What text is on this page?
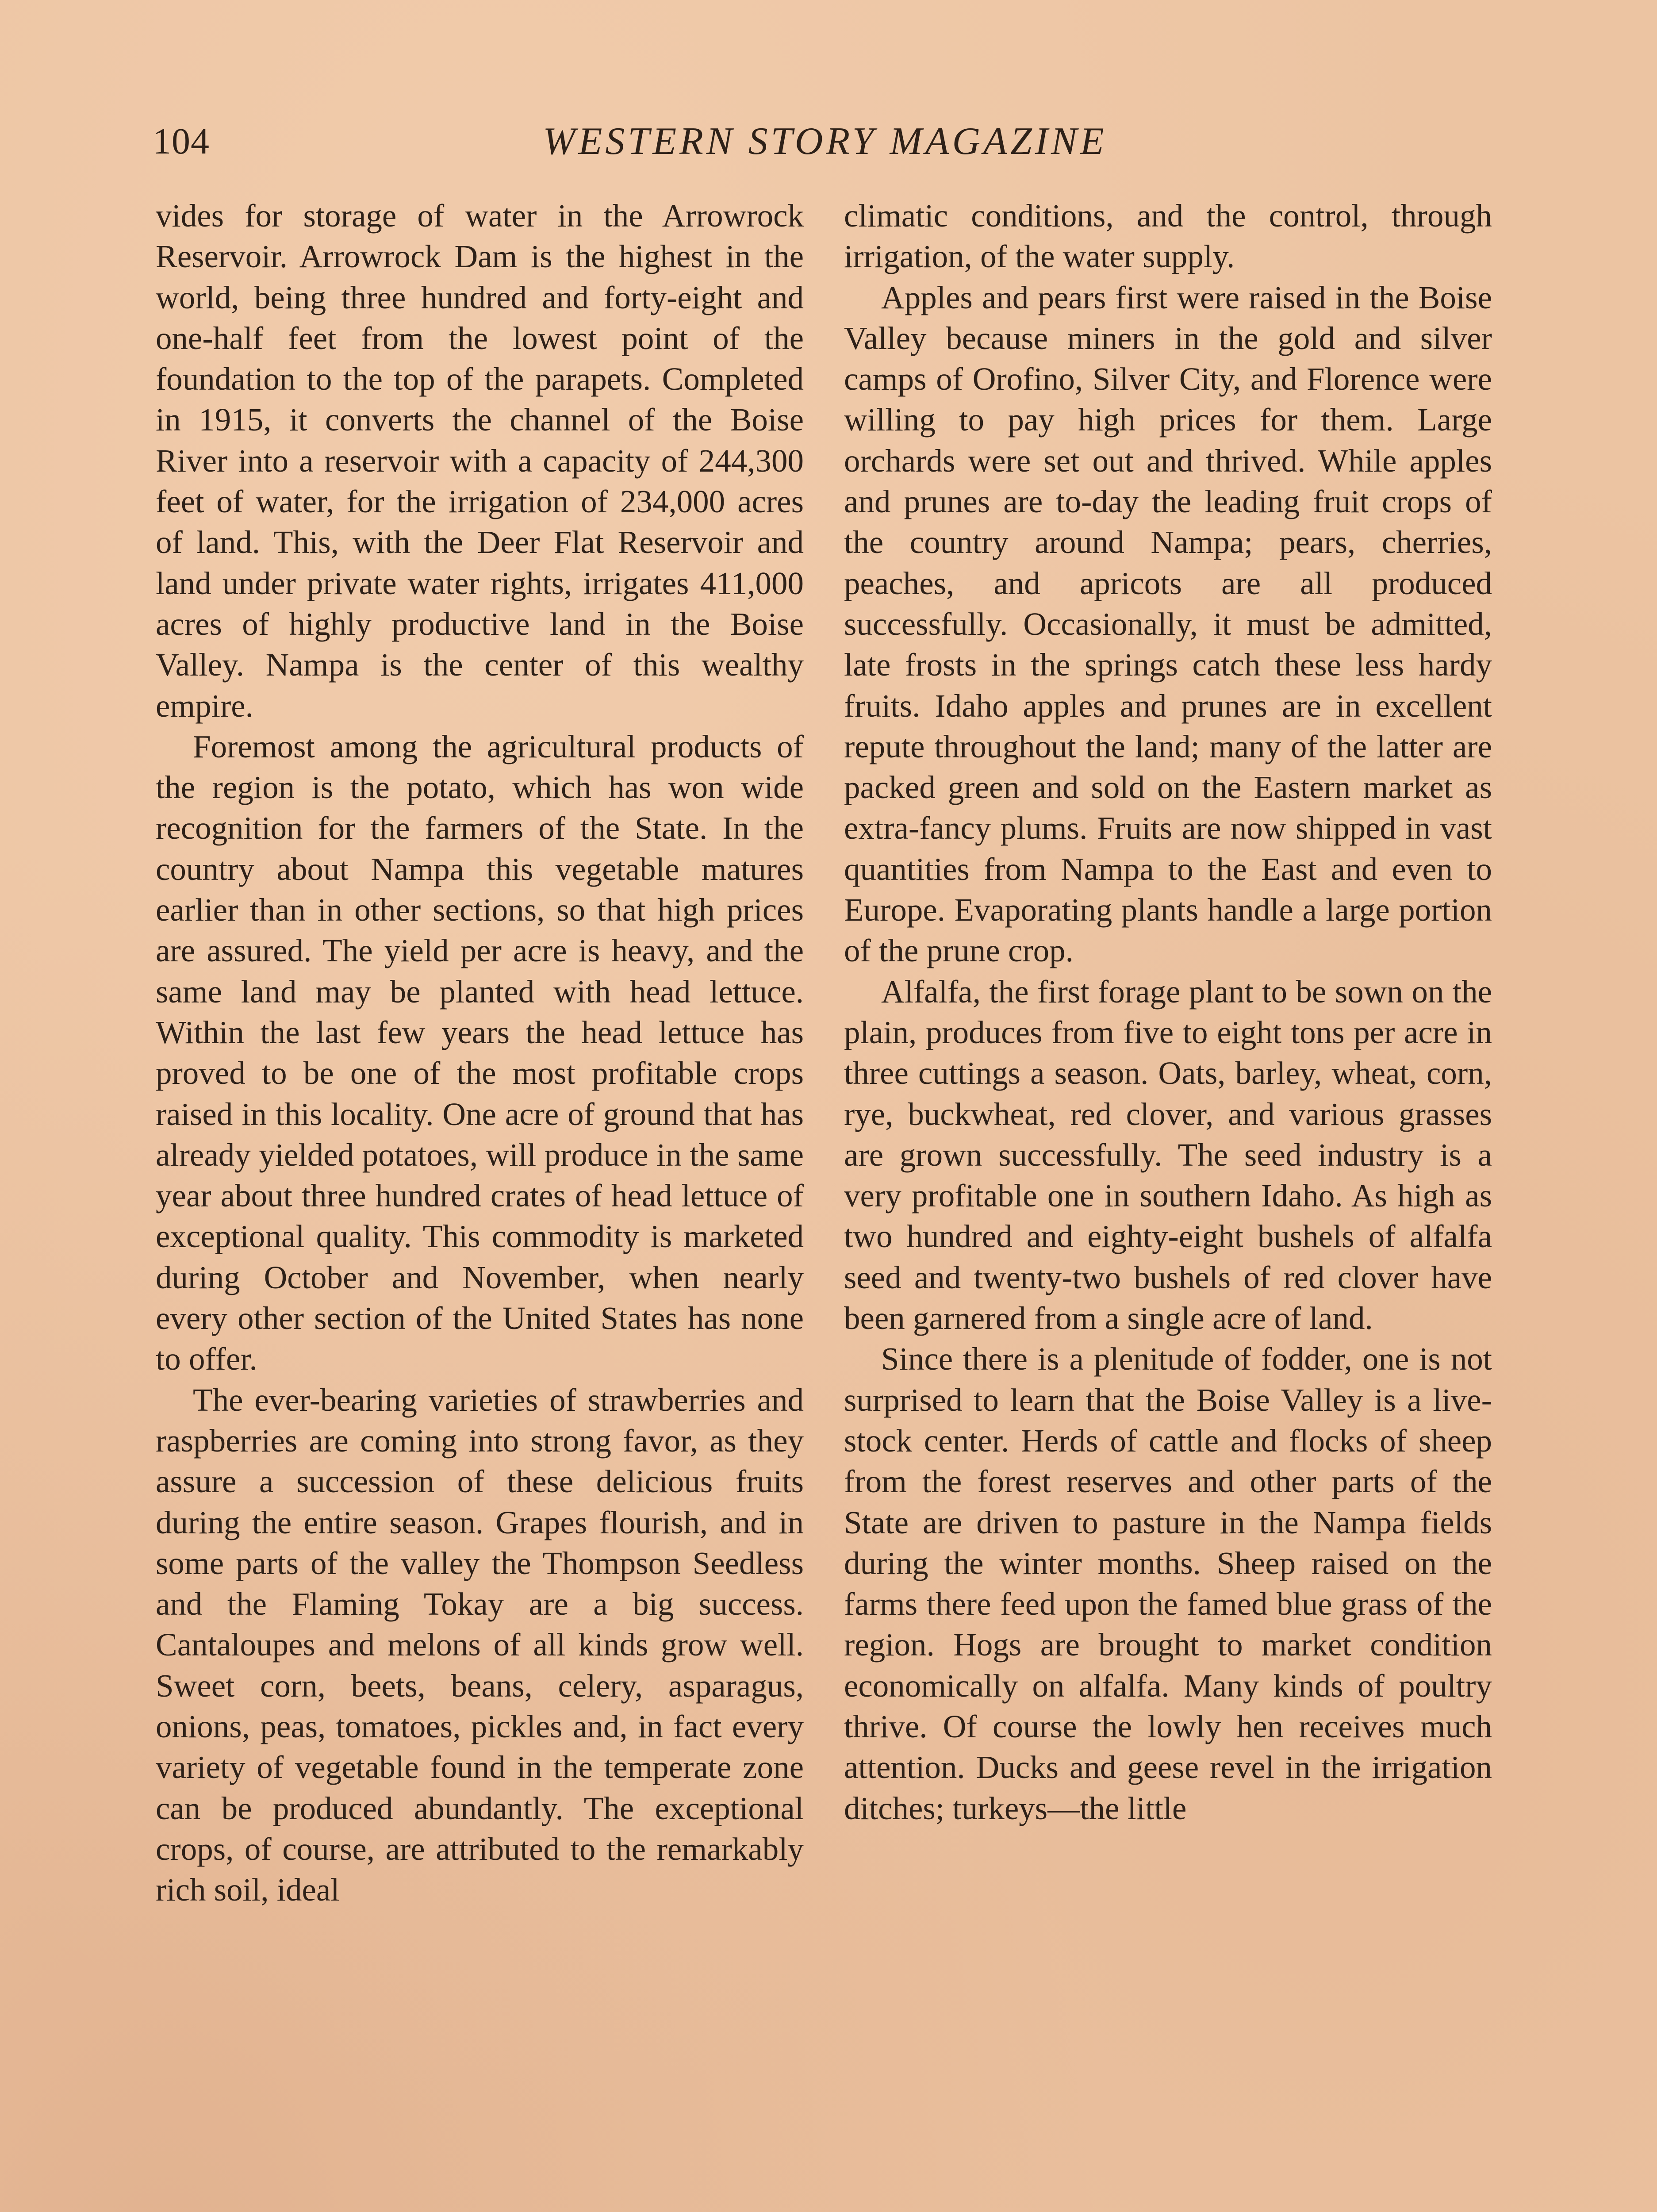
104	WESTERN STORY MAGAZINE

vides for storage of water in the Arrowrock Reservoir. Arrowrock Dam is the highest in the world, being three hundred and forty-eight and one-half feet from the lowest point of the foundation to the top of the parapets. Completed in 1915, it converts the channel of the Boise River into a reservoir with a capacity of 244,300 feet of water, for the irrigation of 234,000 acres of land. This, with the Deer Flat Reservoir and land under private water rights, irrigates 411,000 acres of highly productive land in the Boise Valley. Nampa is the center of this wealthy empire.

Foremost among the agricultural products of the region is the potato, which has won wide recognition for the farmers of the State. In the country about Nampa this vegetable matures earlier than in other sections, so that high prices are assured. The yield per acre is heavy, and the same land may be planted with head lettuce. Within the last few years the head lettuce has proved to be one of the most profitable crops raised in this locality. One acre of ground that has already yielded potatoes, will produce in the same year about three hundred crates of head lettuce of exceptional quality. This commodity is marketed during October and November, when nearly every other section of the United States has none to offer.

The ever-bearing varieties of strawberries and raspberries are coming into strong favor, as they assure a succession of these delicious fruits during the entire season. Grapes flourish, and in some parts of the valley the Thompson Seedless and the Flaming Tokay are a big success. Cantaloupes and melons of all kinds grow well. Sweet corn, beets, beans, celery, asparagus, onions, peas, tomatoes, pickles and, in fact every variety of vegetable found in the temperate zone can be produced abundantly. The exceptional crops, of course, are attributed to the remarkably rich soil, ideal

climatic conditions, and the control, through irrigation, of the water supply.

Apples and pears first were raised in the Boise Valley because miners in the gold and silver camps of Orofino, Silver City, and Florence were willing to pay high prices for them. Large orchards were set out and thrived. While apples and prunes are to-day the leading fruit crops of the country around Nampa; pears, cherries, peaches, and apricots are all produced successfully. Occasionally, it must be admitted, late frosts in the springs catch these less hardy fruits. Idaho apples and prunes are in excellent repute throughout the land; many of the latter are packed green and sold on the Eastern market as extra-fancy plums. Fruits are now shipped in vast quantities from Nampa to the East and even to Europe. Evaporating plants handle a large portion of the prune crop.

Alfalfa, the first forage plant to be sown on the plain, produces from five to eight tons per acre in three cuttings a season. Oats, barley, wheat, corn, rye, buckwheat, red clover, and various grasses are grown successfully. The seed industry is a very profitable one in southern Idaho. As high as two hundred and eighty-eight bushels of alfalfa seed and twenty-two bushels of red clover have been garnered from a single acre of land.

Since there is a plenitude of fodder, one is not surprised to learn that the Boise Valley is a live-stock center. Herds of cattle and flocks of sheep from the forest reserves and other parts of the State are driven to pasture in the Nampa fields during the winter months. Sheep raised on the farms there feed upon the famed blue grass of the region. Hogs are brought to market condition economically on alfalfa. Many kinds of poultry thrive. Of course the lowly hen receives much attention. Ducks and geese revel in the irrigation ditches; turkeys—the little
